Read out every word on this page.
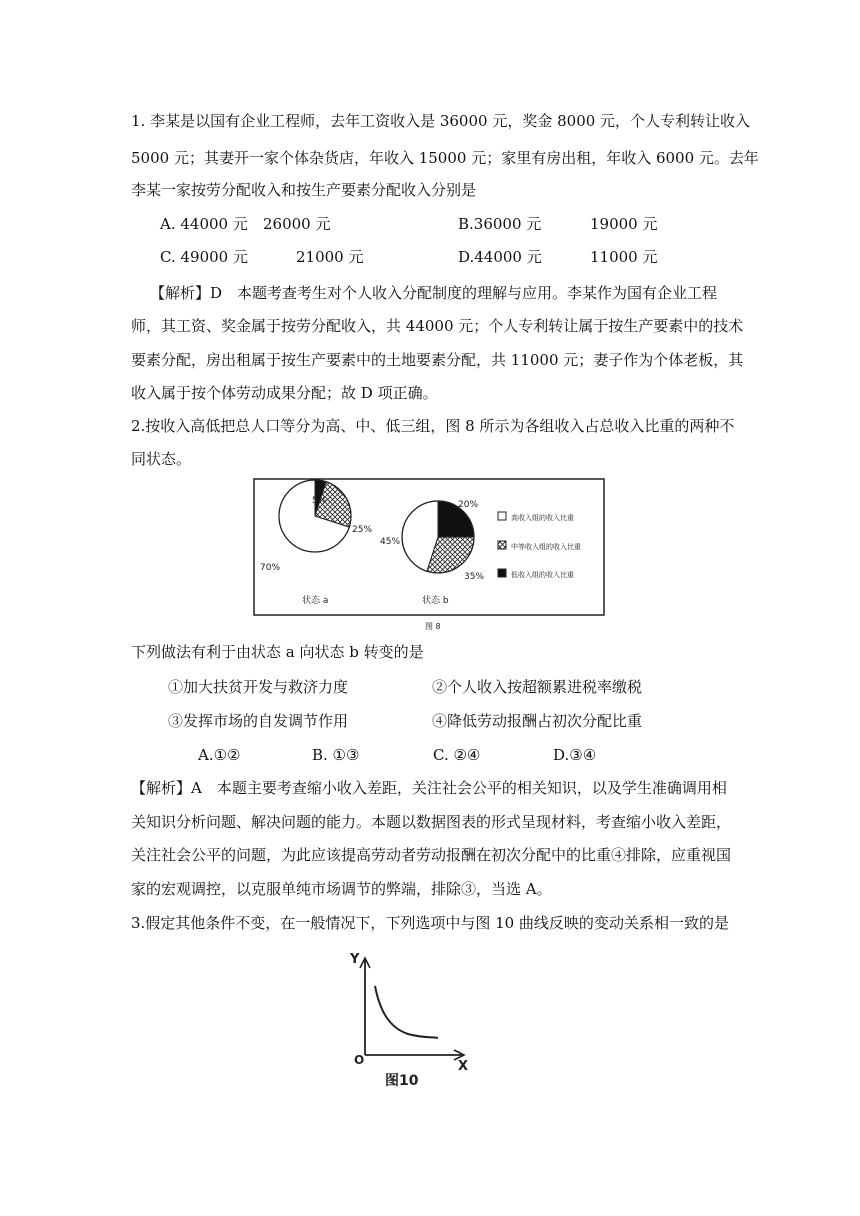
1. 李某是以国有企业工程师，去年工资收入是 36000 元，奖金 8000 元，个人专利转让收入
5000 元；其妻开一家个体杂货店，年收入 15000 元；家里有房出租，年收入 6000 元。去年
李某一家按劳分配收入和按生产要素分配收入分别是
A. 44000 元 26000 元	B.36000 元	19000 元
C. 49000 元	21000 元	D.44000 元	11000 元
【解析】D　本题考查考生对个人收入分配制度的理解与应用。李某作为国有企业工程
师，其工资、奖金属于按劳分配收入，共 44000 元；个人专利转让属于按生产要素中的技术
要素分配，房出租属于按生产要素中的土地要素分配，共 11000 元；妻子作为个体老板，其
收入属于按个体劳动成果分配；故 D 项正确。
2.按收入高低把总人口等分为高、中、低三组，图 8 所示为各组收入占总收入比重的两种不
同状态。
5%
25%
70%
状态 a
20%
45%
35%
状态 b
高收入组的收入比重
中等收入组的收入比重
低收入组的收入比重
图 8
下列做法有利于由状态 a 向状态 b 转变的是
①加大扶贫开发与救济力度	②个人收入按超额累进税率缴税
③发挥市场的自发调节作用	④降低劳动报酬占初次分配比重
A.①②	B. ①③	C. ②④	D.③④
【解析】A　本题主要考查缩小收入差距，关注社会公平的相关知识，以及学生准确调用相
关知识分析问题、解决问题的能力。本题以数据图表的形式呈现材料，考查缩小收入差距，
关注社会公平的问题，为此应该提高劳动者劳动报酬在初次分配中的比重④排除，应重视国
家的宏观调控，以克服单纯市场调节的弊端，排除③，当选 A。
3.假定其他条件不变，在一般情况下，下列选项中与图 10 曲线反映的变动关系相一致的是
Y
O	X
图10
